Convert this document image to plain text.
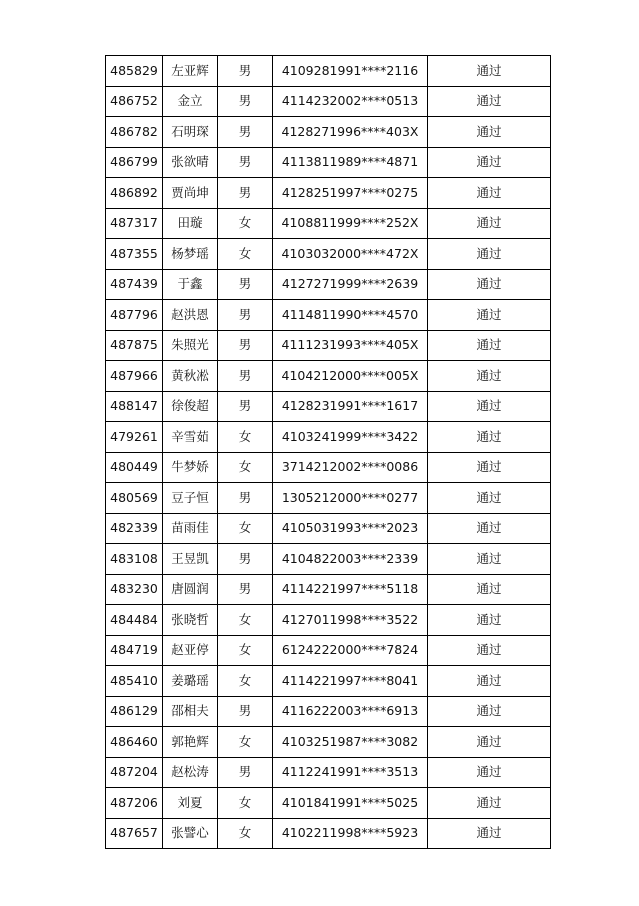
485829	左亚辉	男	4109281991****2116	通过
486752	金立	男	4114232002****0513	通过
486782	石明琛	男	4128271996****403X	通过
486799	张欲晴	男	4113811989****4871	通过
486892	贾尚坤	男	4128251997****0275	通过
487317	田璇	女	4108811999****252X	通过
487355	杨梦瑶	女	4103032000****472X	通过
487439	于鑫	男	4127271999****2639	通过
487796	赵洪恩	男	4114811990****4570	通过
487875	朱照光	男	4111231993****405X	通过
487966	黄秋凇	男	4104212000****005X	通过
488147	徐俊超	男	4128231991****1617	通过
479261	辛雪茹	女	4103241999****3422	通过
480449	牛梦娇	女	3714212002****0086	通过
480569	豆子恒	男	1305212000****0277	通过
482339	苗雨佳	女	4105031993****2023	通过
483108	王昱凯	男	4104822003****2339	通过
483230	唐圆润	男	4114221997****5118	通过
484484	张晓哲	女	4127011998****3522	通过
484719	赵亚停	女	6124222000****7824	通过
485410	姜璐瑶	女	4114221997****8041	通过
486129	邵相夫	男	4116222003****6913	通过
486460	郭艳辉	女	4103251987****3082	通过
487204	赵松涛	男	4112241991****3513	通过
487206	刘夏	女	4101841991****5025	通过
487657	张譬心	女	4102211998****5923	通过
